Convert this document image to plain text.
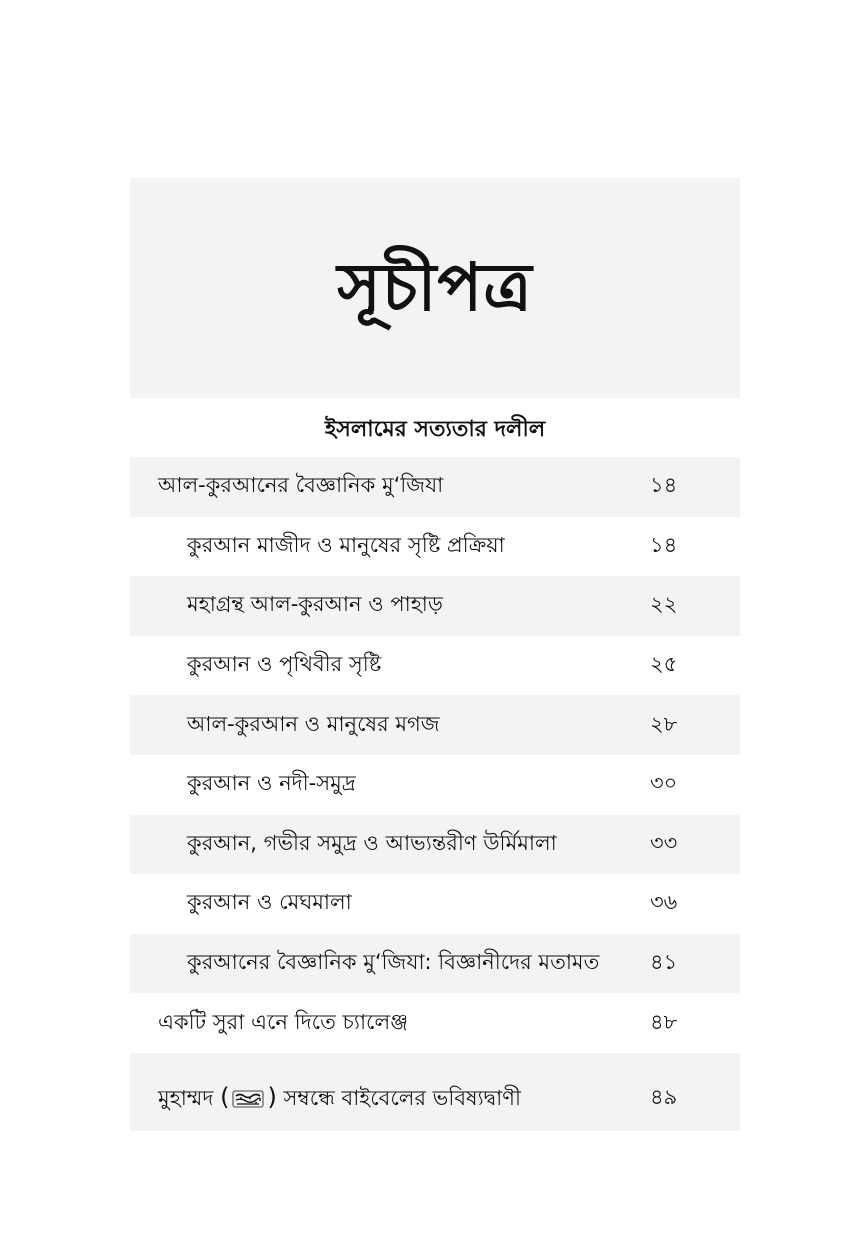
সূচীপত্র
ইসলামের সত্যতার দলীল
আল-কুরআনের বৈজ্ঞানিক মু‘জিযা	১৪
কুরআন মাজীদ ও মানুষের সৃষ্টি প্রক্রিয়া	১৪
মহাগ্রন্থ আল-কুরআন ও পাহাড়	২২
কুরআন ও পৃথিবীর সৃষ্টি	২৫
আল-কুরআন ও মানুষের মগজ	২৮
কুরআন ও নদী-সমুদ্র	৩০
কুরআন, গভীর সমুদ্র ও আভ্যন্তরীণ উর্মিমালা	৩৩
কুরআন ও মেঘমালা	৩৬
কুরআনের বৈজ্ঞানিক মু‘জিযা: বিজ্ঞানীদের মতামত	৪১
একটি সুরা এনে দিতে চ্যালেঞ্জ	৪৮
মুহাম্মদ ( ) সম্বন্ধে বাইবেলের ভবিষ্যদ্বাণী	৪৯
